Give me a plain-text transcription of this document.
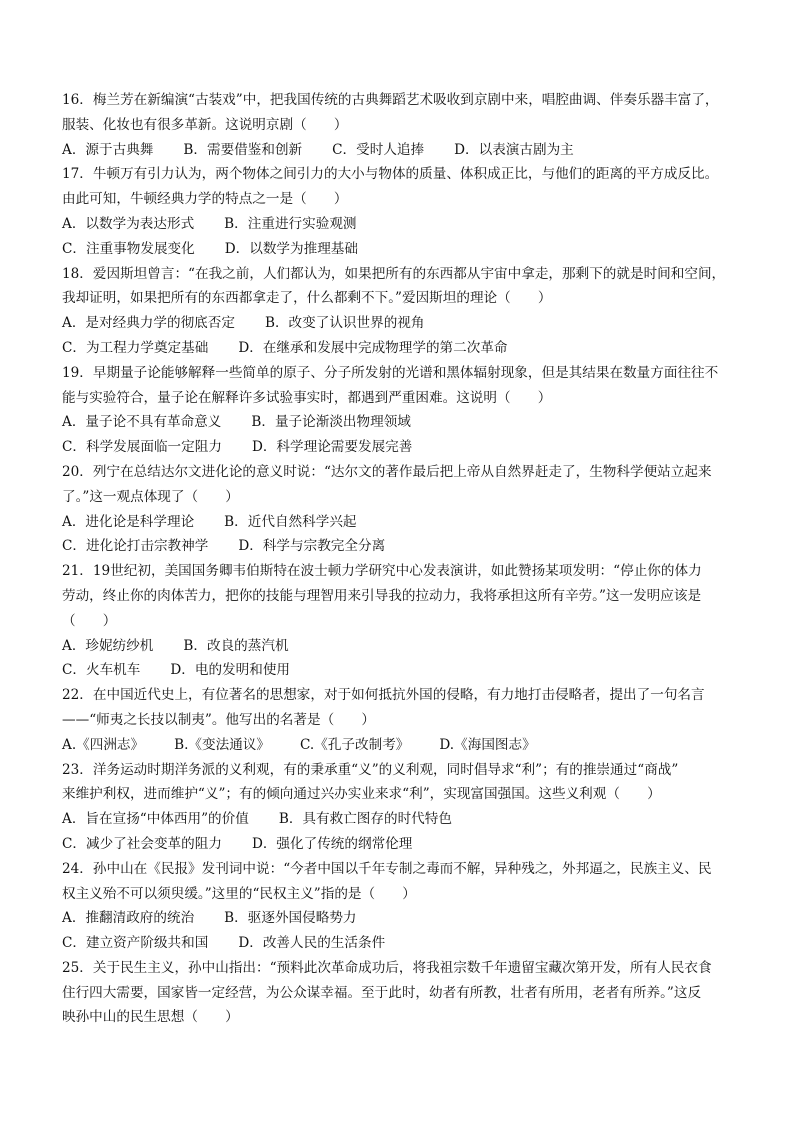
16．梅兰芳在新编演“古装戏”中，把我国传统的古典舞蹈艺术吸收到京剧中来，唱腔曲调、伴奏乐器丰富了，
服装、化妆也有很多革新。这说明京剧（　　）
A．源于古典舞 B．需要借鉴和创新 C．受时人追捧 D．以表演古剧为主
17．牛顿万有引力认为，两个物体之间引力的大小与物体的质量、体积成正比，与他们的距离的平方成反比。
由此可知，牛顿经典力学的特点之一是（　　）
A．以数学为表达形式 B．注重进行实验观测
C．注重事物发展变化 D．以数学为推理基础
18．爱因斯坦曾言：“在我之前，人们都认为，如果把所有的东西都从宇宙中拿走，那剩下的就是时间和空间，
我却证明，如果把所有的东西都拿走了，什么都剩不下。”爱因斯坦的理论（　　）
A．是对经典力学的彻底否定 B．改变了认识世界的视角
C．为工程力学奠定基础 D．在继承和发展中完成物理学的第二次革命
19．早期量子论能够解释一些简单的原子、分子所发射的光谱和黑体辐射现象，但是其结果在数量方面往往不
能与实验符合，量子论在解释许多试验事实时，都遇到严重困难。这说明（　　）
A．量子论不具有革命意义 B．量子论渐淡出物理领域
C．科学发展面临一定阻力 D．科学理论需要发展完善
20．列宁在总结达尔文进化论的意义时说：“达尔文的著作最后把上帝从自然界赶走了，生物科学便站立起来
了。”这一观点体现了（　　）
A．进化论是科学理论 B．近代自然科学兴起
C．进化论打击宗教神学 D．科学与宗教完全分离
21．19世纪初，美国国务卿韦伯斯特在波士顿力学研究中心发表演讲，如此赞扬某项发明：“停止你的体力
劳动，终止你的肉体苦力，把你的技能与理智用来引导我的拉动力，我将承担这所有辛劳。”这一发明应该是
（　　）
A．珍妮纺纱机 B．改良的蒸汽机
C．火车机车 D．电的发明和使用
22．在中国近代史上，有位著名的思想家，对于如何抵抗外国的侵略，有力地打击侵略者，提出了一句名言
——“师夷之长技以制夷”。他写出的名著是（　　）
A.《四洲志》 B.《变法通议》 C.《孔子改制考》 D.《海国图志》
23．洋务运动时期洋务派的义利观，有的秉承重“义”的义利观，同时倡导求“利”；有的推崇通过“商战”
来维护利权，进而维护“义”；有的倾向通过兴办实业来求“利”，实现富国强国。这些义利观（　　）
A．旨在宣扬“中体西用”的价值 B．具有救亡图存的时代特色
C．减少了社会变革的阻力 D．强化了传统的纲常伦理
24．孙中山在《民报》发刊词中说：“今者中国以千年专制之毒而不解，异种残之，外邦逼之，民族主义、民
权主义殆不可以须臾缓。”这里的“民权主义”指的是（　　）
A．推翻清政府的统治 B．驱逐外国侵略势力
C．建立资产阶级共和国 D．改善人民的生活条件
25．关于民生主义，孙中山指出：“预料此次革命成功后，将我祖宗数千年遗留宝藏次第开发，所有人民衣食
住行四大需要，国家皆一定经营，为公众谋幸福。至于此时，幼者有所教，壮者有所用，老者有所养。”这反
映孙中山的民生思想（　　）
